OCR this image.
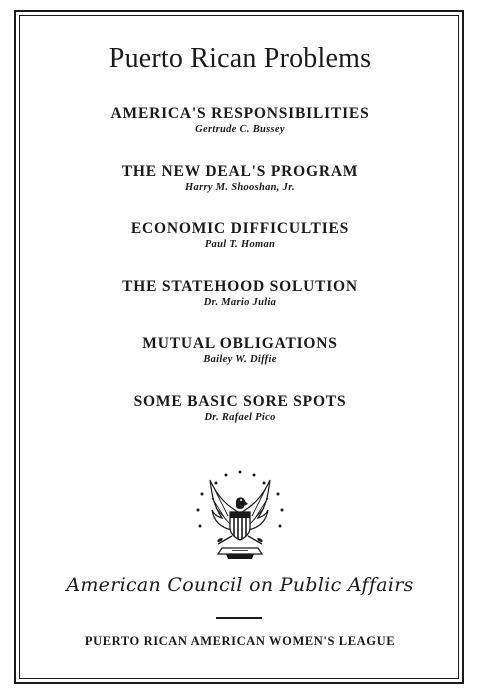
Puerto Rican Problems
AMERICA'S RESPONSIBILITIES
Gertrude C. Bussey
THE NEW DEAL'S PROGRAM
Harry M. Shooshan, Jr.
ECONOMIC DIFFICULTIES
Paul T. Homan
THE STATEHOOD SOLUTION
Dr. Mario Julia
MUTUAL OBLIGATIONS
Bailey W. Diffie
SOME BASIC SORE SPOTS
Dr. Rafael Pico
American Council on Public Affairs
PUERTO RICAN AMERICAN WOMEN'S LEAGUE
